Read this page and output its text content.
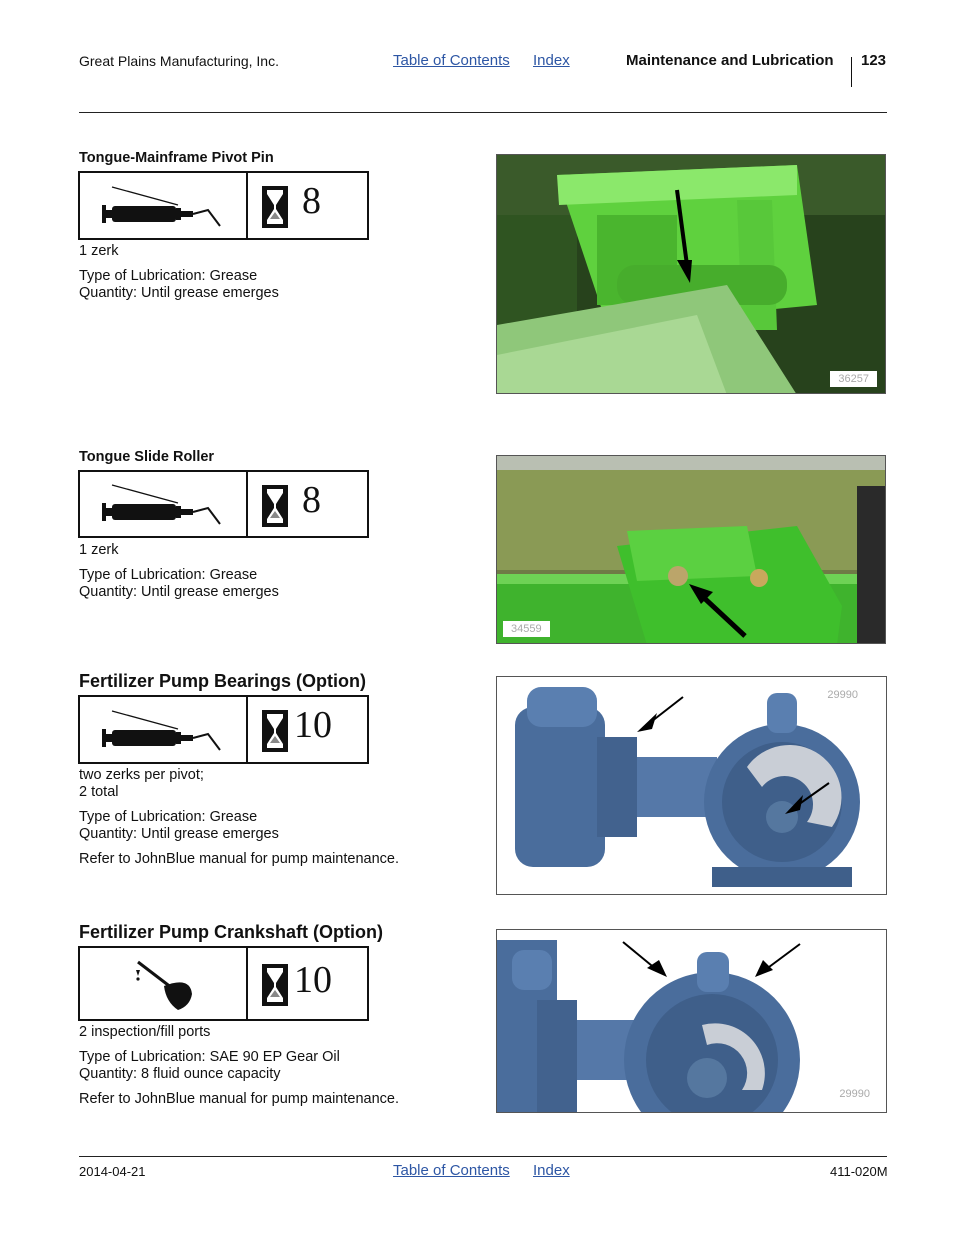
Great Plains Manufacturing, Inc.	Table of Contents Index	Maintenance and Lubrication 123
Tongue-Mainframe Pivot Pin
8
1 zerk
Type of Lubrication: Grease
Quantity: Until grease emerges
36257
Tongue Slide Roller
8
1 zerk
Type of Lubrication: Grease
Quantity: Until grease emerges
34559
Fertilizer Pump Bearings (Option)
10
two zerks per pivot;
2 total
Type of Lubrication: Grease
Quantity: Until grease emerges
Refer to JohnBlue manual for pump maintenance.
29990
Fertilizer Pump Crankshaft (Option)
10
2 inspection/fill ports
Type of Lubrication: SAE 90 EP Gear Oil
Quantity: 8 fluid ounce capacity
Refer to JohnBlue manual for pump maintenance.	29990
2014-04-21	Table of Contents Index	411-020M
